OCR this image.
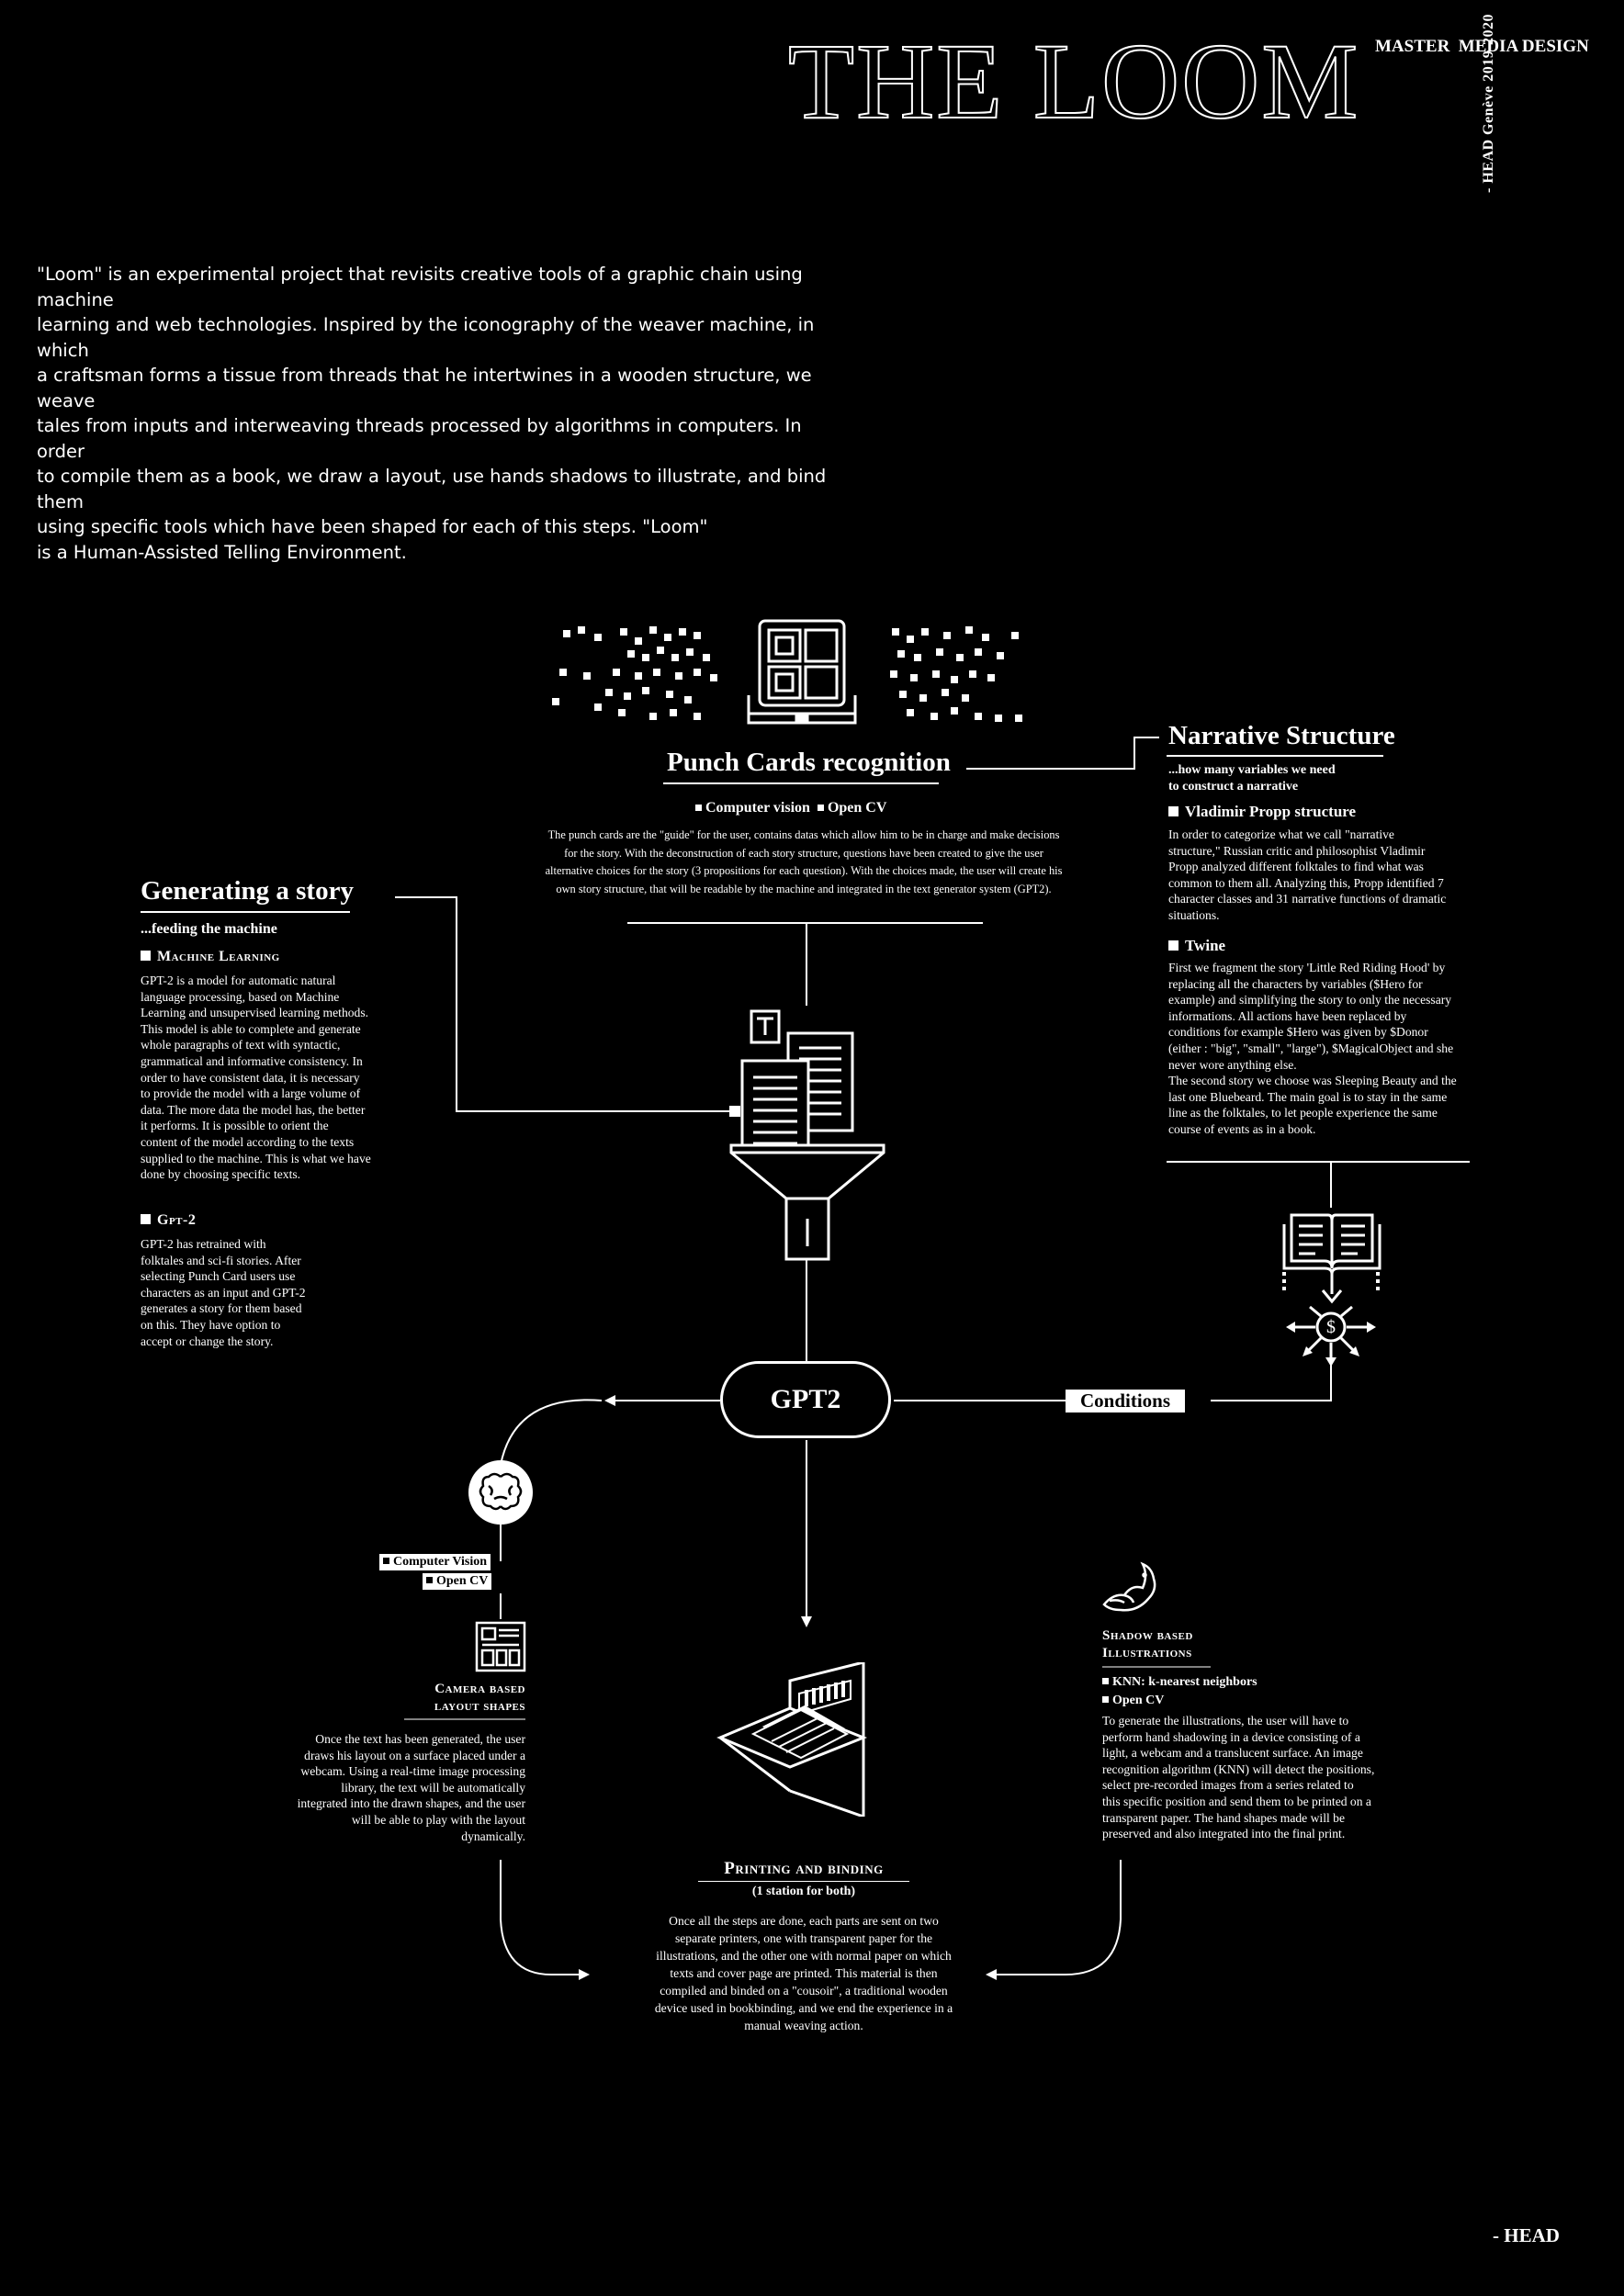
THE LOOM MASTER  MEDIA DESIGN
- HEAD Genève 2019-2020
"Loom" is an experimental project that revisits creative tools of a graphic chain using machine
learning and web technologies. Inspired by the iconography of the weaver machine, in which
a craftsman forms a tissue from threads that he intertwines in a wooden structure, we weave
tales from inputs and interweaving threads processed by algorithms in computers. In order
to compile them as a book, we draw a layout, use hands shadows to illustrate, and bind them
using specific tools which have been shaped for each of this steps. "Loom"
is a Human-Assisted Telling Environment.
Punch Cards recognition
Computer vision Open CV
The punch cards are the "guide" for the user, contains datas which allow him to be in charge and make decisions
for the story. With the deconstruction of each story structure, questions have been created to give the user
alternative choices for the story (3 propositions for each question). With the choices made, the user will create his
own story structure, that will be readable by the machine and integrated in the text generator system (GPT2).
Narrative Structure
...how many variables we need
to construct a narrative
Vladimir Propp structure
In order to categorize what we call "narrative
structure," Russian critic and philosophist Vladimir
Propp analyzed different folktales to find what was
common to them all. Analyzing this, Propp identified 7
character classes and 31 narrative functions of dramatic
situations.
Twine
First we fragment the story 'Little Red Riding Hood' by
replacing all the characters by variables ($Hero for
example) and simplifying the story to only the necessary
informations. All actions have been replaced by
conditions for example $Hero was given by $Donor
(either : "big", "small", "large"), $MagicalObject and she
never wore anything else.
The second story we choose was Sleeping Beauty and the
last one Bluebeard. The main goal is to stay in the same
line as the folktales, to let people experience the same
course of events as in a book.
Generating a story
...feeding the machine
Machine Learning
GPT-2 is a model for automatic natural
language processing, based on Machine
Learning and unsupervised learning methods.
This model is able to complete and generate
whole paragraphs of text with syntactic,
grammatical and informative consistency. In
order to have consistent data, it is necessary
to provide the model with a large volume of
data. The more data the model has, the better
it performs. It is possible to orient the
content of the model according to the texts
supplied to the machine. This is what we have
done by choosing specific texts.
Gpt-2
GPT-2 has retrained with
folktales and sci-fi stories. After
selecting Punch Card users use
characters as an input and GPT-2
generates a story for them based
on this. They have option to
accept or change the story.
$
GPT2	Conditions
Computer Vision
Open CV
Camera based
layout shapes
Once the text has been generated, the user
draws his layout on a surface placed under a
webcam. Using a real-time image processing
library, the text will be automatically
integrated into the drawn shapes, and the user
will be able to play with the layout
dynamically.
Shadow based
Illustrations
KNN: k-nearest neighbors
Open CV
To generate the illustrations, the user will have to
perform hand shadowing in a device consisting of a
light, a webcam and a translucent surface. An image
recognition algorithm (KNN) will detect the positions,
select pre-recorded images from a series related to
this specific position and send them to be printed on a
transparent paper. The hand shapes made will be
preserved and also integrated into the final print.
Printing and binding
(1 station for both)
Once all the steps are done, each parts are sent on two
separate printers, one with transparent paper for the
illustrations, and the other one with normal paper on which
texts and cover page are printed. This material is then
compiled and binded on a "cousoir", a traditional wooden
device used in bookbinding, and we end the experience in a
manual weaving action.
- HEAD
